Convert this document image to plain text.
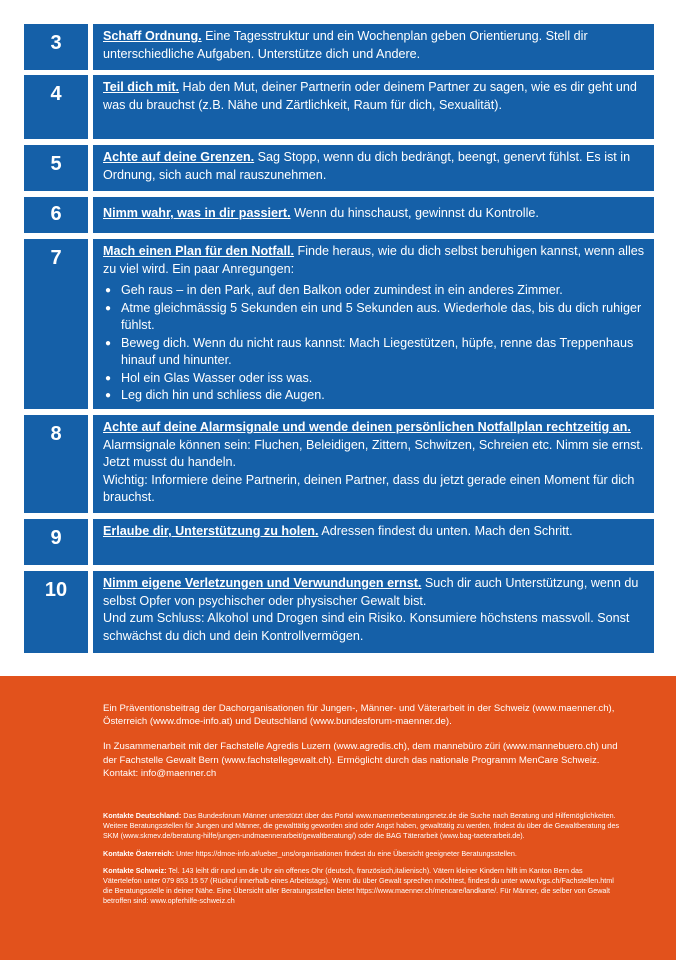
3	Schaff Ordnung. Eine Tagesstruktur und ein Wochenplan geben Orientierung. Stell dir unterschiedliche Aufgaben. Unterstütze dich und Andere.
4	Teil dich mit. Hab den Mut, deiner Partnerin oder deinem Partner zu sagen, wie es dir geht und was du brauchst (z.B. Nähe und Zärtlichkeit, Raum für dich, Sexualität).
5	Achte auf deine Grenzen. Sag Stopp, wenn du dich bedrängt, beengt, genervt fühlst. Es ist in Ordnung, sich auch mal rauszunehmen.
6	Nimm wahr, was in dir passiert. Wenn du hinschaust, gewinnst du Kontrolle.
7	Mach einen Plan für den Notfall. Finde heraus, wie du dich selbst beruhigen kannst, wenn alles zu viel wird. Ein paar Anregungen:
● Geh raus – in den Park, auf den Balkon oder zumindest in ein anderes Zimmer.
● Atme gleichmässig 5 Sekunden ein und 5 Sekunden aus. Wiederhole das, bis du dich ruhiger fühlst.
● Beweg dich. Wenn du nicht raus kannst: Mach Liegestützen, hüpfe, renne das Treppenhaus hinauf und hinunter.
● Hol ein Glas Wasser oder iss was.
● Leg dich hin und schliess die Augen.
8	Achte auf deine Alarmsignale und wende deinen persönlichen Notfallplan rechtzeitig an. Alarmsignale können sein: Fluchen, Beleidigen, Zittern, Schwitzen, Schreien etc. Nimm sie ernst. Jetzt musst du handeln.
Wichtig: Informiere deine Partnerin, deinen Partner, dass du jetzt gerade einen Moment für dich brauchst.
9	Erlaube dir, Unterstützung zu holen. Adressen findest du unten. Mach den Schritt.
10	Nimm eigene Verletzungen und Verwundungen ernst. Such dir auch Unterstützung, wenn du selbst Opfer von psychischer oder physischer Gewalt bist.
Und zum Schluss: Alkohol und Drogen sind ein Risiko. Konsumiere höchstens massvoll. Sonst schwächst du dich und dein Kontrollvermögen.

Ein Präventionsbeitrag der Dachorganisationen für Jungen-, Männer- und Väterarbeit in der Schweiz (www.maenner.ch), Österreich (www.dmoe-info.at) und Deutschland (www.bundesforum-maenner.de).

In Zusammenarbeit mit der Fachstelle Agredis Luzern (www.agredis.ch), dem mannebüro züri (www.mannebuero.ch) und der Fachstelle Gewalt Bern (www.fachstellegewalt.ch). Ermöglicht durch das nationale Programm MenCare Schweiz. Kontakt: info@maenner.ch

Kontakte Deutschland: Das Bundesforum Männer unterstützt über das Portal www.maennerberatungsnetz.de die Suche nach Beratung und Hilfemöglichkeiten. Weitere Beratungsstellen für Jungen und Männer, die gewalttätig geworden sind oder Angst haben, gewalttätig zu werden, findest du über die Gewaltberatung des SKM (www.skmev.de/beratung-hilfe/jungen-undmaennerarbeit/gewaltberatung/) oder die BAG Täterarbeit (www.bag-taeterarbeit.de).

Kontakte Österreich: Unter https://dmoe-info.at/ueber_uns/organisationen findest du eine Übersicht geeigneter Beratungsstellen.

Kontakte Schweiz: Tel. 143 leiht dir rund um die Uhr ein offenes Ohr (deutsch, französisch,italienisch). Vätern kleiner Kindern hilft im Kanton Bern das Vätertelefon unter 079 853 15 57 (Rückruf innerhalb eines Arbeitstags). Wenn du über Gewalt sprechen möchtest, findest du unter www.fvgs.ch/Fachstellen.html die Beratungsstelle in deiner Nähe. Eine Übersicht aller Beratungsstellen bietet https://www.maenner.ch/mencare/landkarte/. Für Männer, die selber von Gewalt betroffen sind: www.opferhilfe-schweiz.ch
